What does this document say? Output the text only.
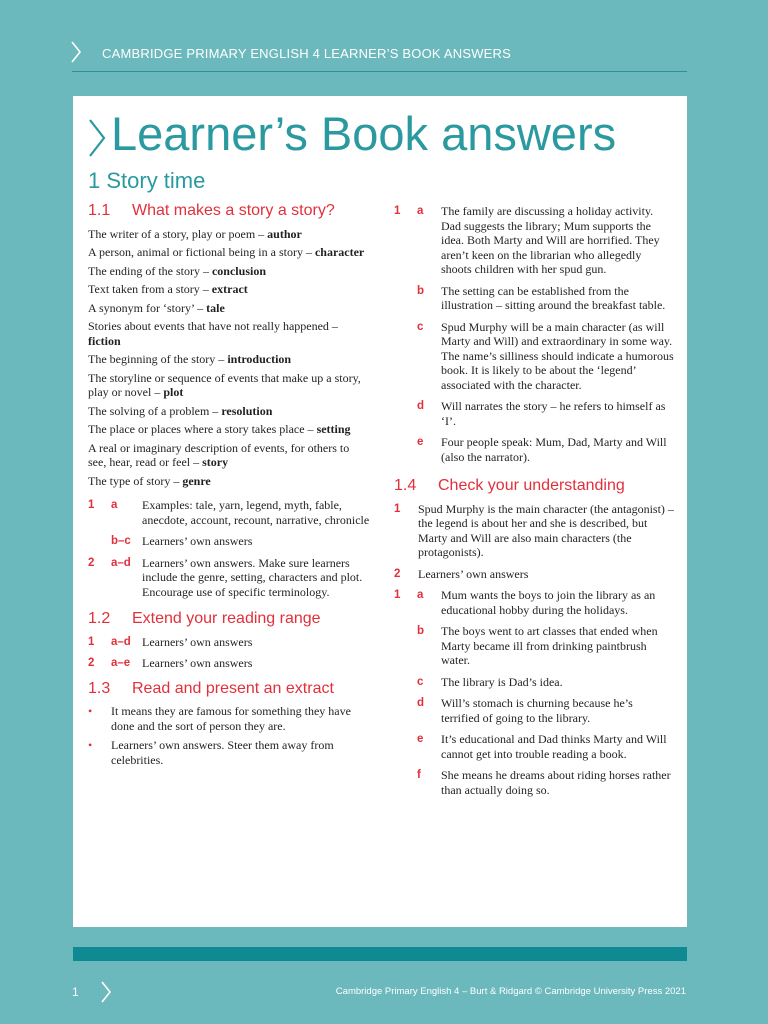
CAMBRIDGE PRIMARY ENGLISH 4 LEARNER’S BOOK ANSWERS
Learner’s Book answers
1 Story time
1.1 What makes a story a story?
The writer of a story, play or poem – author
A person, animal or fictional being in a story – character
The ending of the story – conclusion
Text taken from a story – extract
A synonym for ‘story’ – tale
Stories about events that have not really happened – fiction
The beginning of the story – introduction
The storyline or sequence of events that make up a story, play or novel – plot
The solving of a problem – resolution
The place or places where a story takes place – setting
A real or imaginary description of events, for others to see, hear, read or feel – story
The type of story – genre
1 a	Examples: tale, yarn, legend, myth, fable, anecdote, account, recount, narrative, chronicle
b–c Learners’ own answers
2 a–d Learners’ own answers. Make sure learners include the genre, setting, characters and plot. Encourage use of specific terminology.
1.2 Extend your reading range
1 a–d Learners’ own answers
2 a–e Learners’ own answers
1.3 Read and present an extract
• It means they are famous for something they have done and the sort of person they are.
• Learners’ own answers. Steer them away from celebrities.
1 a	The family are discussing a holiday activity. Dad suggests the library; Mum supports the idea. Both Marty and Will are horrified. They aren’t keen on the librarian who allegedly shoots children with her spud gun.
b	The setting can be established from the illustration – sitting around the breakfast table.
c	Spud Murphy will be a main character (as will Marty and Will) and extraordinary in some way. The name’s silliness should indicate a humorous book. It is likely to be about the ‘legend’ associated with the character.
d	Will narrates the story – he refers to himself as ‘I’.
e	Four people speak: Mum, Dad, Marty and Will (also the narrator).
1.4 Check your understanding
1	Spud Murphy is the main character (the antagonist) – the legend is about her and she is described, but Marty and Will are also main characters (the protagonists).
2	Learners’ own answers
1 a	Mum wants the boys to join the library as an educational hobby during the holidays.
b	The boys went to art classes that ended when Marty became ill from drinking paintbrush water.
c	The library is Dad’s idea.
d	Will’s stomach is churning because he’s terrified of going to the library.
e	It’s educational and Dad thinks Marty and Will cannot get into trouble reading a book.
f	She means he dreams about riding horses rather than actually doing so.
1	Cambridge Primary English 4 – Burt & Ridgard © Cambridge University Press 2021
